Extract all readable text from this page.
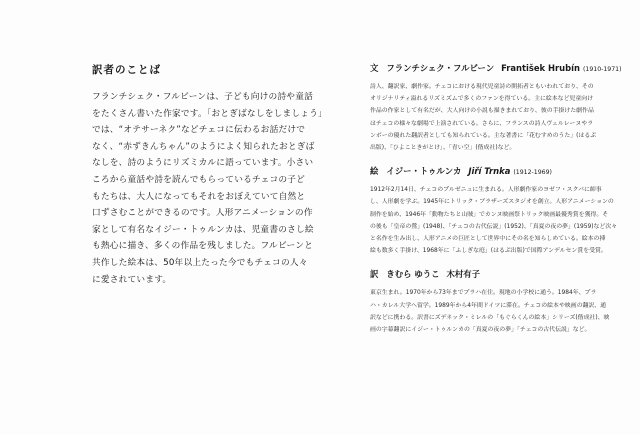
訳者のことば
フランチシェク・フルビーンは、子ども向けの詩や童話
をたくさん書いた作家です。「おとぎばなしをしましょう」
では、“オテサーネク”などチェコに伝わるお話だけで
なく、“赤ずきんちゃん”のようによく知られたおとぎば
なしを、詩のようにリズミカルに語っています。小さい
ころから童話や詩を読んでもらっているチェコの子ど
もたちは、大人になってもそれをおぼえていて自然と
口ずさむことができるのです。人形アニメーションの作
家として有名なイジー・トゥルンカは、児童書のさし絵
も熱心に描き、多くの作品を残しました。フルビーンと
共作した絵本は、50年以上たった今でもチェコの人々
に愛されています。
文 フランチシェク・フルビーン František Hrubín (1910-1971)
詩人、翻訳家、劇作家。チェコにおける現代児童詩の開拓者ともいわれており、その
オリジナリティ溢れるリズミズムで多くのファンを得ている。主に絵本など児童向け
作品の作家として有名だが、大人向けの小説も描きまれており、彼の手掛けた劇作品
はチェコの様々な劇場で上演されている。さらに、フランスの詩人ヴェルレーヌやラ
ンボーの優れた翻訳者としても知られている。主な著書に「花むすめのうた」(はるぷ
出版)、「ひよこときがとけ」、「青い空」(偕成社)など。
絵 イジー・トゥルンカ Jiří Trnka (1912-1969)
1912年2月14日、チェコのプルゼニュに生まれる。人形劇作家のヨゼフ・スクパに師事
し、人形劇を学ぶ。1945年にトリック・ブラザーズスタジオを創立。人形アニメーションの
制作を始め、1946年「動物たちと山賊」でカンヌ映画祭トリック映画最優秀賞を獲得。そ
の後も「皇帝の鶯」(1948)、「チェコの古代伝説」(1952)、「真夏の夜の夢」(1959)など次々
と名作を生み出し、人形アニメの巨匠として世界中にその名を知らしめている。絵本の挿
絵も数多く手掛け、1968年に「ふしぎな庭」(はるぷ出版)で国際アンデルセン賞を受賞。
訳 きむら ゆうこ 木村有子
東京生まれ。1970年から73年までプラハ在住。現地の小学校に通う。1984年、プラ
ハ・カレル大学へ留学。1989年から4年間ドイツに滞在。チェコの絵本や映画の翻訳、通
訳などに携わる。訳書にズデネック・ミレルの「もぐらくんの絵本」シリーズ(偕成社)、映
画の字幕翻訳にイジー・トゥルンカの「真夏の夜の夢」「チェコの古代伝説」など。
